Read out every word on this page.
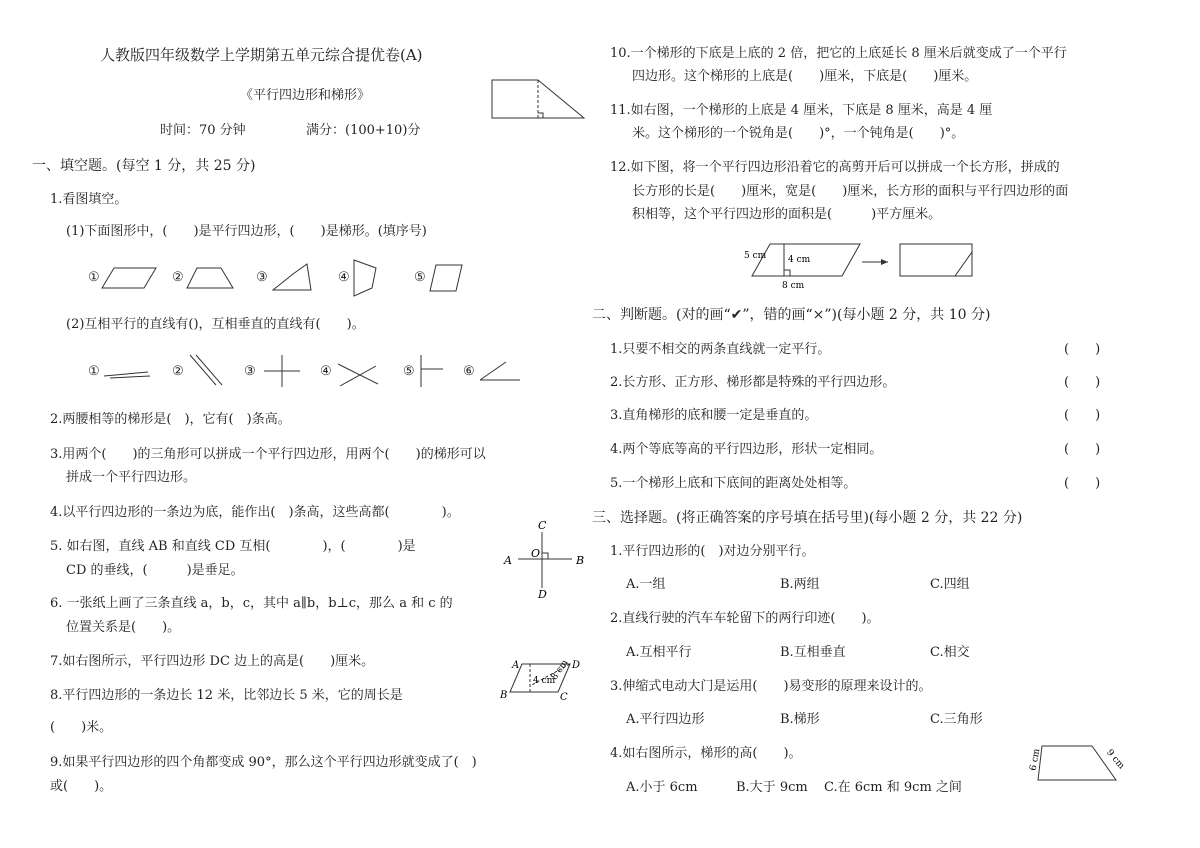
人教版四年级数学上学期第五单元综合提优卷(A)
《平行四边形和梯形》
时间：70 分钟	满分：(100+10)分
一、填空题。(每空 1 分，共 25 分)
1.看图填空。
(1)下面图形中，(　　)是平行四边形，(　　)是梯形。(填序号)
①	②	③	④	⑤
(2)互相平行的直线有()，互相垂直的直线有(　　)。
①	②	③	④	⑤	⑥
2.两腰相等的梯形是(　)，它有(　)条高。
3.用两个(　　)的三角形可以拼成一个平行四边形，用两个(　　)的梯形可以
拼成一个平行四边形。
4.以平行四边形的一条边为底，能作出(　)条高，这些高都(　　　　)。
5. 如右图，直线 AB 和直线 CD 互相(　　　　)，(　　　　)是
CD 的垂线，(　　　)是垂足。
A	B
C
D
O
6. 一张纸上画了三条直线 a，b，c，其中 a∥b，b⊥c，那么 a 和 c 的
位置关系是(　　)。
7.如右图所示，平行四边形 DC 边上的高是(　　)厘米。	A
B	C
D
4 cm
8 cm
8.平行四边形的一条边长 12 米，比邻边长 5 米，它的周长是
(　　)米。
9.如果平行四边形的四个角都变成 90°，那么这个平行四边形就变成了(　)
或(　　)。
10.一个梯形的下底是上底的 2 倍，把它的上底延长 8 厘米后就变成了一个平行
四边形。这个梯形的上底是(　　)厘米，下底是(　　)厘米。
11.如右图，一个梯形的上底是 4 厘米，下底是 8 厘米，高是 4 厘
米。这个梯形的一个锐角是(　　)°，一个钝角是(　　)°。
12.如下图，将一个平行四边形沿着它的高剪开后可以拼成一个长方形，拼成的
长方形的长是(　　)厘米，宽是(　　)厘米，长方形的面积与平行四边形的面
积相等，这个平行四边形的面积是(　　　)平方厘米。
5 cm 4 cm
8 cm
二、判断题。(对的画“✔”，错的画“×”)(每小题 2 分，共 10 分)
1.只要不相交的两条直线就一定平行。	(　　)
2.长方形、正方形、梯形都是特殊的平行四边形。	(　　)
3.直角梯形的底和腰一定是垂直的。	(　　)
4.两个等底等高的平行四边形，形状一定相同。	(　　)
5.一个梯形上底和下底间的距离处处相等。	(　　)
三、选择题。(将正确答案的序号填在括号里)(每小题 2 分，共 22 分)
1.平行四边形的(　)对边分别平行。
A.一组	B.两组	C.四组
2.直线行驶的汽车车轮留下的两行印迹(　　)。
A.互相平行	B.互相垂直	C.相交
3.伸缩式电动大门是运用(　　)易变形的原理来设计的。
A.平行四边形	B.梯形	C.三角形
4.如右图所示，梯形的高(　　)。
A.小于 6cm	B.大于 9cm C.在 6cm 和 9cm 之间
6 cm	9 cm
